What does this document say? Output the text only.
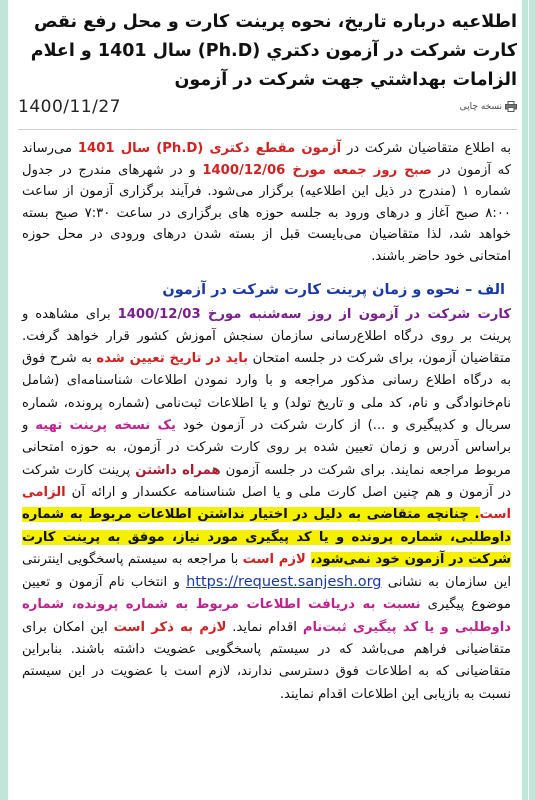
اطلاعیه درباره تاریخ، نحوه پرینت کارت و محل رفع نقص کارت شرکت در آزمون دکتري (Ph.D) سال 1401 و اعلام الزامات بهداشتي جهت شرکت در آزمون
نسخه چاپی
1400/11/27
به اطلاع متقاضیان شرکت در آزمون مقطع دکتری (Ph.D) سال 1401 می‌رساند که آزمون در صبح روز جمعه مورخ 1400/12/06 و در شهرهای مندرج در جدول شماره ۱ (مندرج در ذیل این اطلاعیه) برگزار می‌شود. فرآیند برگزاری آزمون از ساعت ۸:۰۰ صبح آغاز و درهای ورود به جلسه حوزه های برگزاری در ساعت ۷:۳۰ صبح بسته خواهد شد، لذا متقاضیان می‌بایست قبل از بسته شدن درهای ورودی در محل حوزه امتحانی خود حاضر باشند.
الف – نحوه و زمان پرینت کارت شرکت در آزمون
کارت شرکت در آزمون از روز سه‌شنبه مورخ 1400/12/03 برای مشاهده و پرینت بر روی درگاه اطلاع‌رسانی سازمان سنجش آموزش کشور قرار خواهد گرفت. متقاضیان آزمون، برای شرکت در جلسه امتحان باید در تاریخ تعیین شده به شرح فوق به درگاه اطلاع رسانی مذکور مراجعه و با وارد نمودن اطلاعات شناسنامه‌ای (شامل نام‌خانوادگی و نام، کد ملی و تاریخ تولد) و یا اطلاعات ثبت‌نامی (شماره پرونده، شماره سریال و کدپیگیری و ...) از کارت شرکت در آزمون خود یک نسخه پرینت تهیه و براساس آدرس و زمان تعیین شده بر روی کارت شرکت در آزمون، به حوزه امتحانی مربوط مراجعه نمایند. برای شرکت در جلسه آزمون همراه داشتن پرینت کارت شرکت در آزمون و هم چنین اصل کارت ملی و یا اصل شناسنامه عکسدار و ارائه آن الزامی است. چنانچه متقاضی به دلیل در اختیار نداشتن اطلاعات مربوط به شماره داوطلبی، شماره پرونده و یا کد پیگیری مورد نیاز، موفق به پرینت کارت شرکت در آزمون خود نمی‌شود، لازم است با مراجعه به سیستم پاسخگویی اینترنتی این سازمان به نشانی https://request.sanjesh.org و انتخاب نام آزمون و تعیین موضوع پیگیری نسبت به دریافت اطلاعات مربوط به شماره پرونده، شماره داوطلبی و یا کد پیگیری ثبت‌نام اقدام نماید. لازم به ذکر است این امکان برای متقاضیانی فراهم می‌باشد که در سیستم پاسخگویی عضویت داشته باشند. بنابراین متقاضیانی که به اطلاعات فوق دسترسی ندارند، لازم است با عضویت در این سیستم نسبت به بازیابی این اطلاعات اقدام نمایند.
